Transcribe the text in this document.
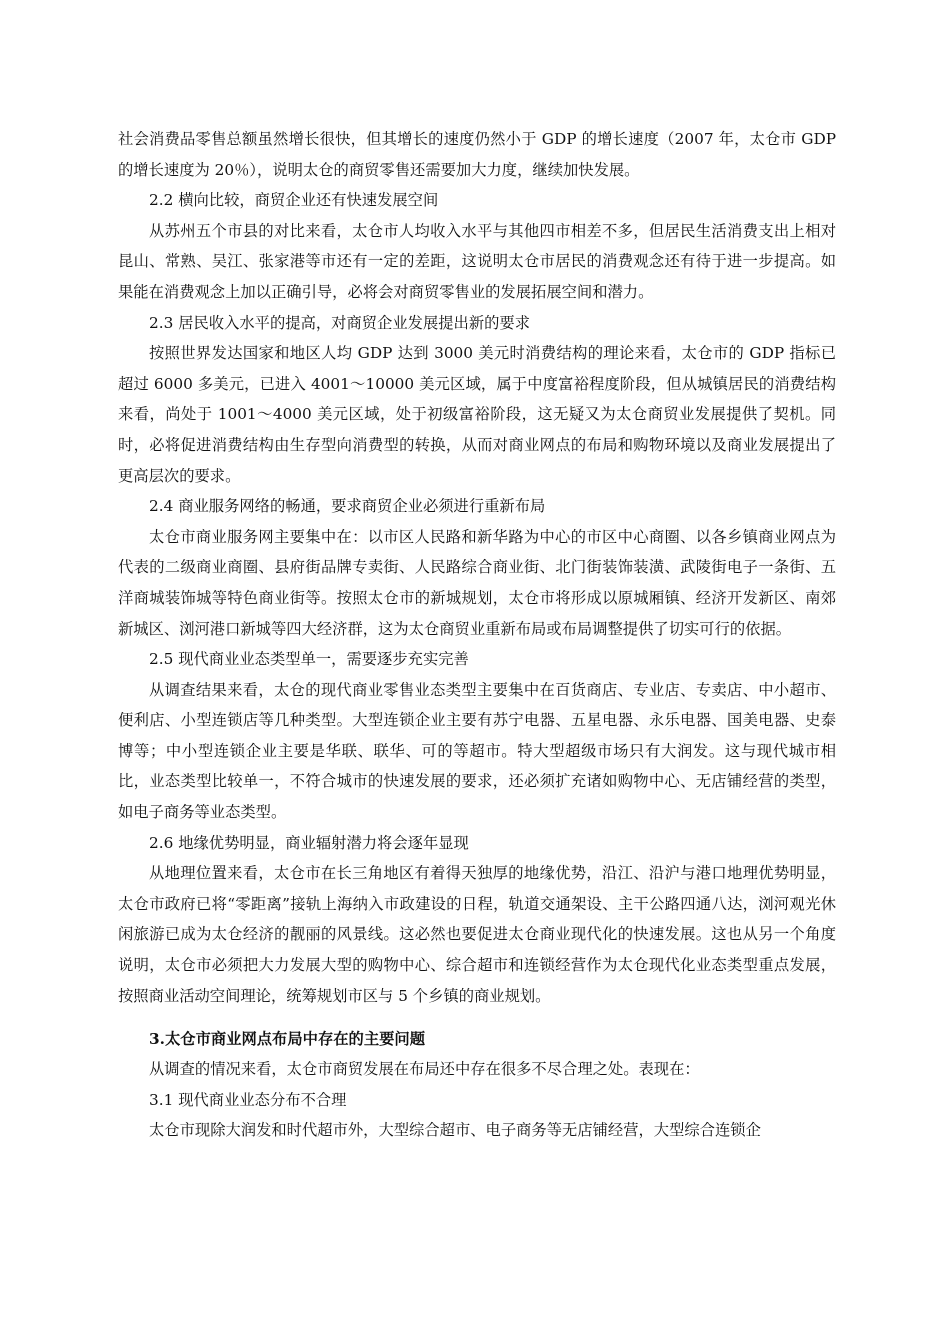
社会消费品零售总额虽然增长很快，但其增长的速度仍然小于 GDP 的增长速度（2007 年，太仓市 GDP 的增长速度为 20％），说明太仓的商贸零售还需要加大力度，继续加快发展。

2.2 横向比较，商贸企业还有快速发展空间

从苏州五个市县的对比来看，太仓市人均收入水平与其他四市相差不多，但居民生活消费支出上相对昆山、常熟、吴江、张家港等市还有一定的差距，这说明太仓市居民的消费观念还有待于进一步提高。如果能在消费观念上加以正确引导，必将会对商贸零售业的发展拓展空间和潜力。

2.3 居民收入水平的提高，对商贸企业发展提出新的要求

按照世界发达国家和地区人均 GDP 达到 3000 美元时消费结构的理论来看，太仓市的 GDP 指标已超过 6000 多美元，已进入 4001～10000 美元区域，属于中度富裕程度阶段，但从城镇居民的消费结构来看，尚处于 1001～4000 美元区域，处于初级富裕阶段，这无疑又为太仓商贸业发展提供了契机。同时，必将促进消费结构由生存型向消费型的转换，从而对商业网点的布局和购物环境以及商业发展提出了更高层次的要求。

2.4 商业服务网络的畅通，要求商贸企业必须进行重新布局

太仓市商业服务网主要集中在：以市区人民路和新华路为中心的市区中心商圈、以各乡镇商业网点为代表的二级商业商圈、县府街品牌专卖街、人民路综合商业街、北门街装饰装潢、武陵街电子一条街、五洋商城装饰城等特色商业街等。按照太仓市的新城规划，太仓市将形成以原城厢镇、经济开发新区、南郊新城区、浏河港口新城等四大经济群，这为太仓商贸业重新布局或布局调整提供了切实可行的依据。

2.5 现代商业业态类型单一，需要逐步充实完善

从调查结果来看，太仓的现代商业零售业态类型主要集中在百货商店、专业店、专卖店、中小超市、便利店、小型连锁店等几种类型。大型连锁企业主要有苏宁电器、五星电器、永乐电器、国美电器、史泰博等；中小型连锁企业主要是华联、联华、可的等超市。特大型超级市场只有大润发。这与现代城市相比，业态类型比较单一，不符合城市的快速发展的要求，还必须扩充诸如购物中心、无店铺经营的类型，如电子商务等业态类型。

2.6 地缘优势明显，商业辐射潜力将会逐年显现

从地理位置来看，太仓市在长三角地区有着得天独厚的地缘优势，沿江、沿沪与港口地理优势明显，太仓市政府已将“零距离”接轨上海纳入市政建设的日程，轨道交通架设、主干公路四通八达，浏河观光休闲旅游已成为太仓经济的靓丽的风景线。这必然也要促进太仓商业现代化的快速发展。这也从另一个角度说明，太仓市必须把大力发展大型的购物中心、综合超市和连锁经营作为太仓现代化业态类型重点发展，按照商业活动空间理论，统筹规划市区与 5 个乡镇的商业规划。

3.太仓市商业网点布局中存在的主要问题

从调查的情况来看，太仓市商贸发展在布局还中存在很多不尽合理之处。表现在：

3.1 现代商业业态分布不合理

太仓市现除大润发和时代超市外，大型综合超市、电子商务等无店铺经营，大型综合连锁企
